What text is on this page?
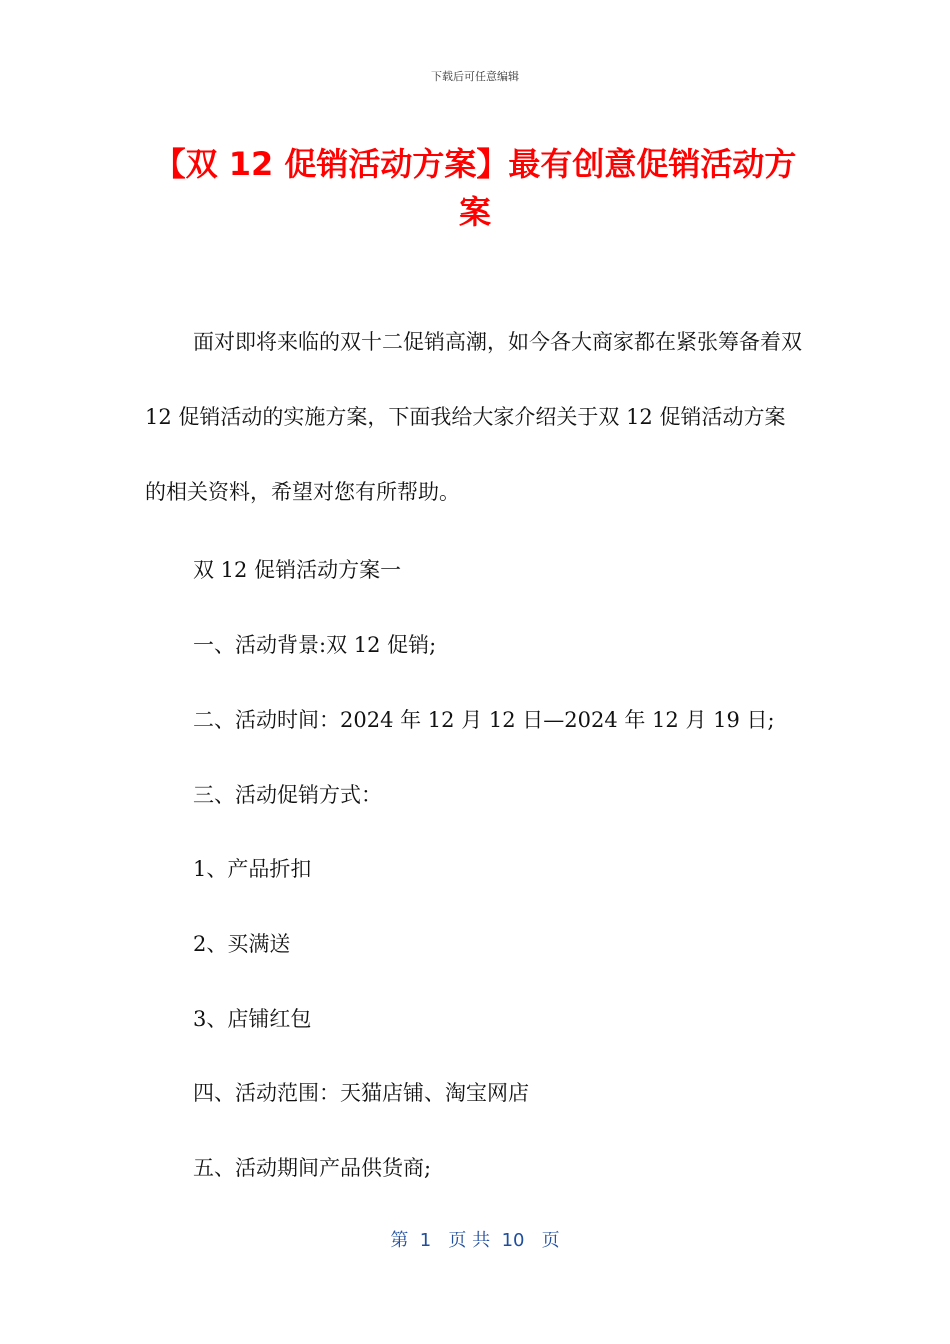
下载后可任意编辑
【双 12 促销活动方案】最有创意促销活动方案

面对即将来临的双十二促销高潮，如今各大商家都在紧张筹备着双 12 促销活动的实施方案，下面我给大家介绍关于双 12 促销活动方案的相关资料，希望对您有所帮助。

双 12 促销活动方案一
一、活动背景:双 12 促销;
二、活动时间：2024 年 12 月 12 日—2024 年 12 月 19 日;
三、活动促销方式：
1、产品折扣
2、买满送
3、店铺红包
四、活动范围：天猫店铺、淘宝网店
五、活动期间产品供货商;
第  1   页 共  10   页
